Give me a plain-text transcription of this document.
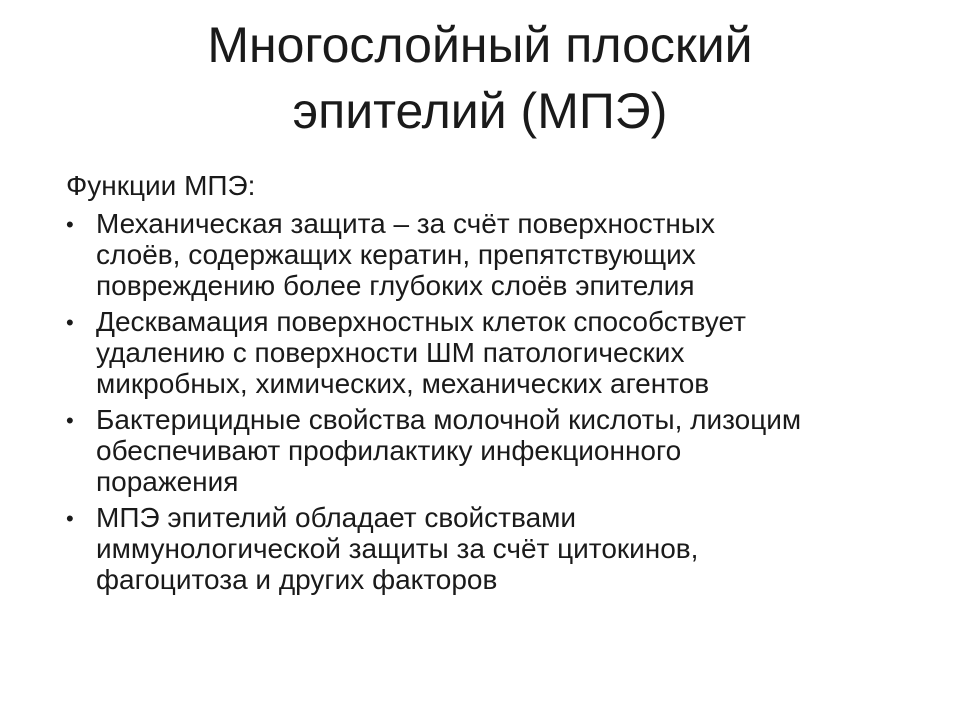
Многослойный плоский
эпителий (МПЭ)

Функции МПЭ:

• Механическая защита – за счёт поверхностных
слоёв, содержащих кератин, препятствующих
повреждению более глубоких слоёв эпителия
• Десквамация поверхностных клеток способствует
удалению с поверхности ШМ патологических
микробных, химических, механических агентов
• Бактерицидные свойства молочной кислоты, лизоцим
обеспечивают профилактику инфекционного
поражения
• МПЭ эпителий обладает свойствами
иммунологической защиты за счёт цитокинов,
фагоцитоза и других факторов
